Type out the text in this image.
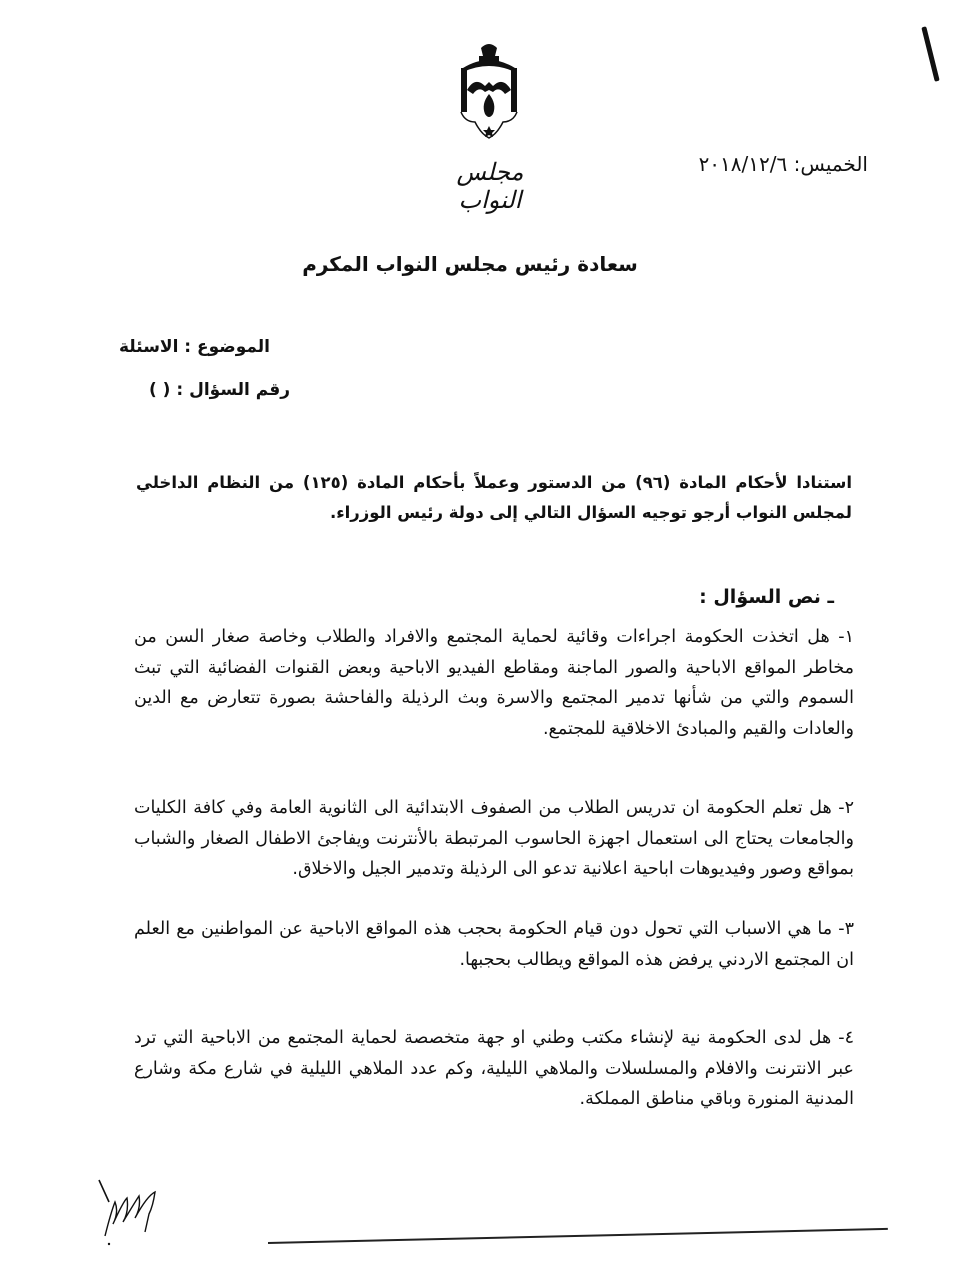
مجلس النواب
الخميس: ٢٠١٨/١٢/٦
سعادة رئيس مجلس النواب المكرم
الموضوع : الاسئلة
رقم السؤال : ( )
استنادا لأحكام المادة (٩٦) من الدستور وعملاً بأحكام المادة (١٢٥) من النظام الداخلي لمجلس النواب أرجو توجيه السؤال التالي إلى دولة رئيس الوزراء.
ـ نص السؤال :
١- هل اتخذت الحكومة اجراءات وقائية لحماية المجتمع والافراد والطلاب وخاصة صغار السن من مخاطر المواقع الاباحية والصور الماجنة ومقاطع الفيديو الاباحية وبعض القنوات الفضائية التي تبث السموم والتي من شأنها تدمير المجتمع والاسرة وبث الرذيلة والفاحشة بصورة تتعارض مع الدين والعادات والقيم والمبادئ الاخلاقية للمجتمع.
٢- هل تعلم الحكومة ان تدريس الطلاب من الصفوف الابتدائية الى الثانوية العامة وفي كافة الكليات والجامعات يحتاج الى استعمال اجهزة الحاسوب المرتبطة بالأنترنت ويفاجئ الاطفال الصغار والشباب بمواقع وصور وفيديوهات اباحية اعلانية تدعو الى الرذيلة وتدمير الجيل والاخلاق.
٣- ما هي الاسباب التي تحول دون قيام الحكومة بحجب هذه المواقع الاباحية عن المواطنين مع العلم ان المجتمع الاردني يرفض هذه المواقع ويطالب بحجبها.
٤- هل لدى الحكومة نية لإنشاء مكتب وطني او جهة متخصصة لحماية المجتمع من الاباحية التي ترد عبر الانترنت والافلام والمسلسلات والملاهي الليلية، وكم عدد الملاهي الليلية في شارع مكة وشارع المدنية المنورة وباقي مناطق المملكة.
